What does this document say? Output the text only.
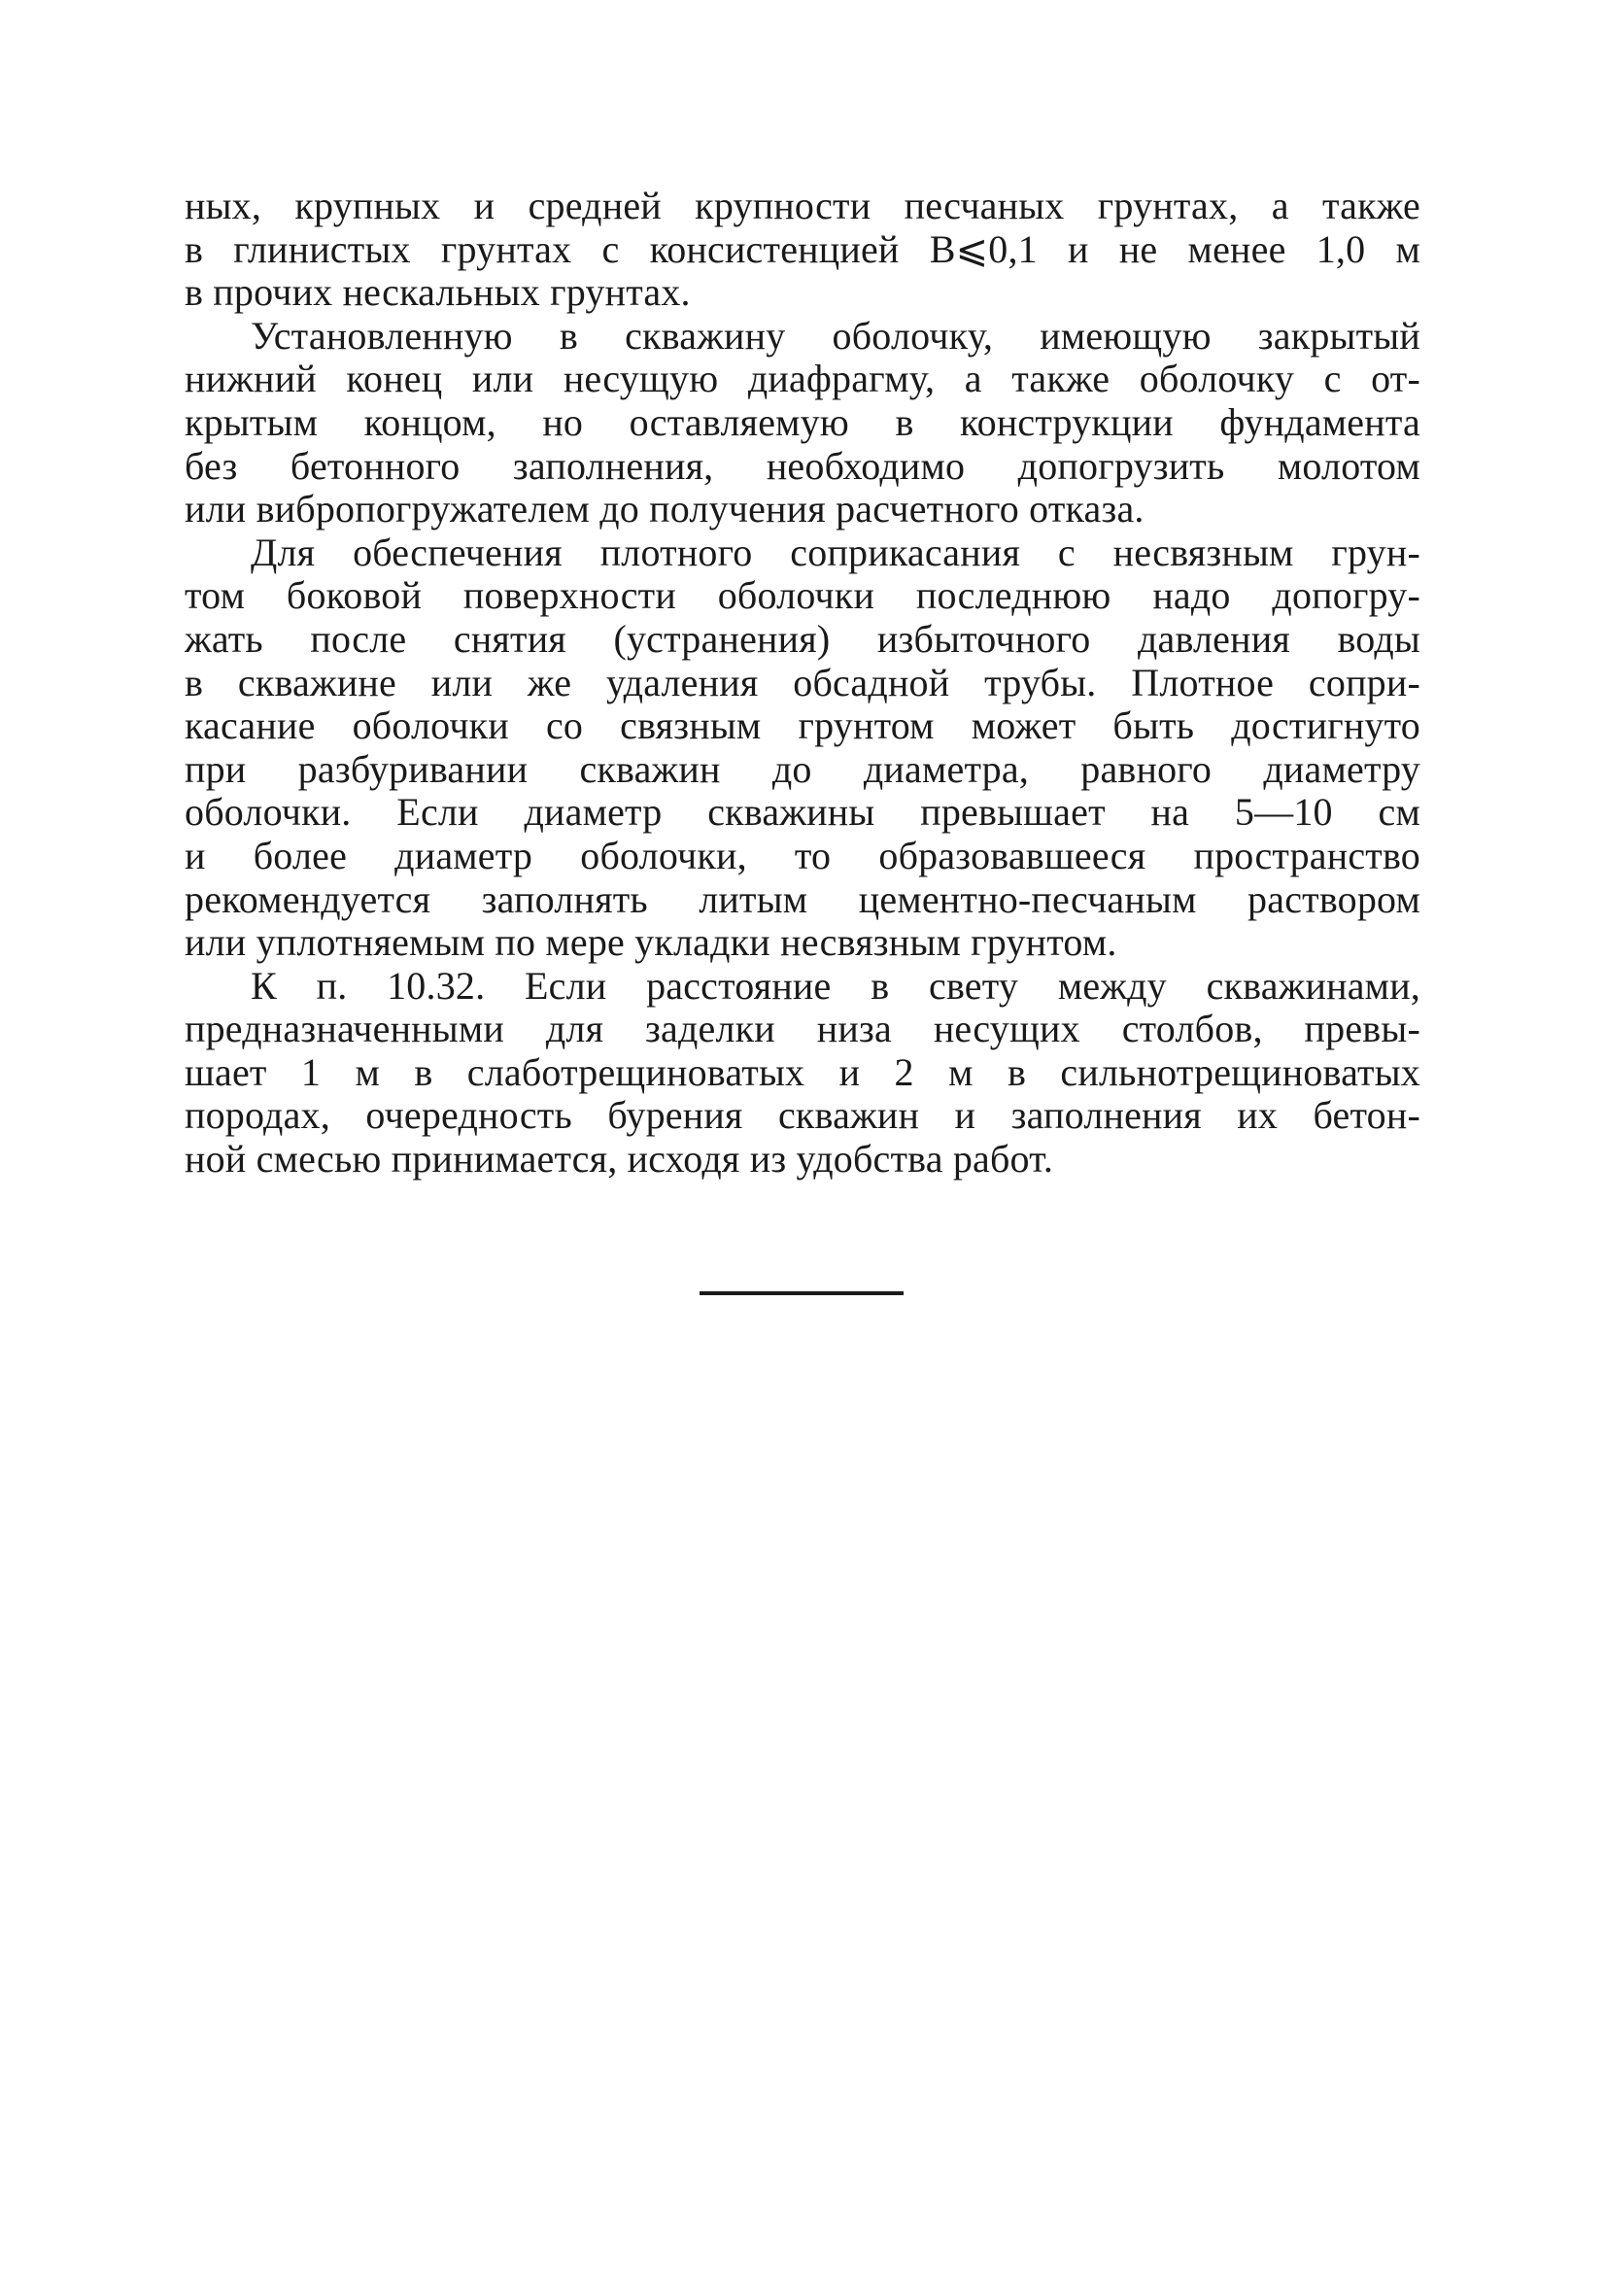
ных, крупных и средней крупности песчаных грунтах, а также
в глинистых грунтах с консистенцией В⩽0,1 и не менее 1,0 м
в прочих нескальных грунтах.
Установленную в скважину оболочку, имеющую закрытый
нижний конец или несущую диафрагму, а также оболочку с от-
крытым концом, но оставляемую в конструкции фундамента
без бетонного заполнения, необходимо допогрузить молотом
или вибропогружателем до получения расчетного отказа.
Для обеспечения плотного соприкасания с несвязным грун-
том боковой поверхности оболочки последнюю надо допогру-
жать после снятия (устранения) избыточного давления воды
в скважине или же удаления обсадной трубы. Плотное сопри-
касание оболочки со связным грунтом может быть достигнуто
при разбуривании скважин до диаметра, равного диаметру
оболочки. Если диаметр скважины превышает на 5—10 см
и более диаметр оболочки, то образовавшееся пространство
рекомендуется заполнять литым цементно-песчаным раствором
или уплотняемым по мере укладки несвязным грунтом.
К п. 10.32. Если расстояние в свету между скважинами,
предназначенными для заделки низа несущих столбов, превы-
шает 1 м в слаботрещиноватых и 2 м в сильнотрещиноватых
породах, очередность бурения скважин и заполнения их бетон-
ной смесью принимается, исходя из удобства работ.
